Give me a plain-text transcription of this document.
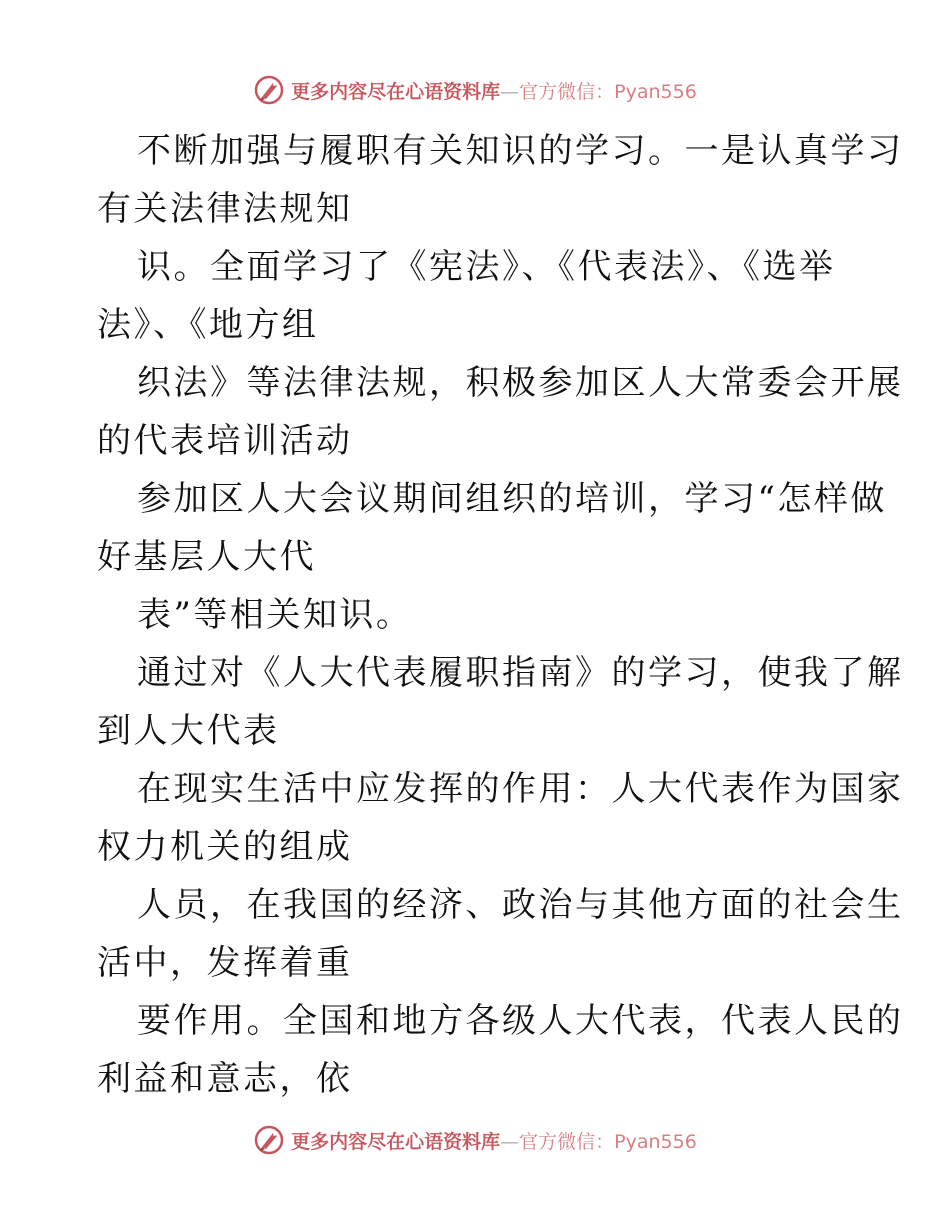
更多内容尽在心语资料库—官方微信：Pyan556

不断加强与履职有关知识的学习。一是认真学习
有关法律法规知

识。全面学习了《宪法》、《代表法》、《选举
法》、《地方组

织法》等法律法规，积极参加区人大常委会开展
的代表培训活动

参加区人大会议期间组织的培训，学习“怎样做
好基层人大代

表”等相关知识。

通过对《人大代表履职指南》的学习，使我了解
到人大代表

在现实生活中应发挥的作用：人大代表作为国家
权力机关的组成

人员，在我国的经济、政治与其他方面的社会生
活中，发挥着重

要作用。全国和地方各级人大代表，代表人民的
利益和意志，依

更多内容尽在心语资料库—官方微信：Pyan556
